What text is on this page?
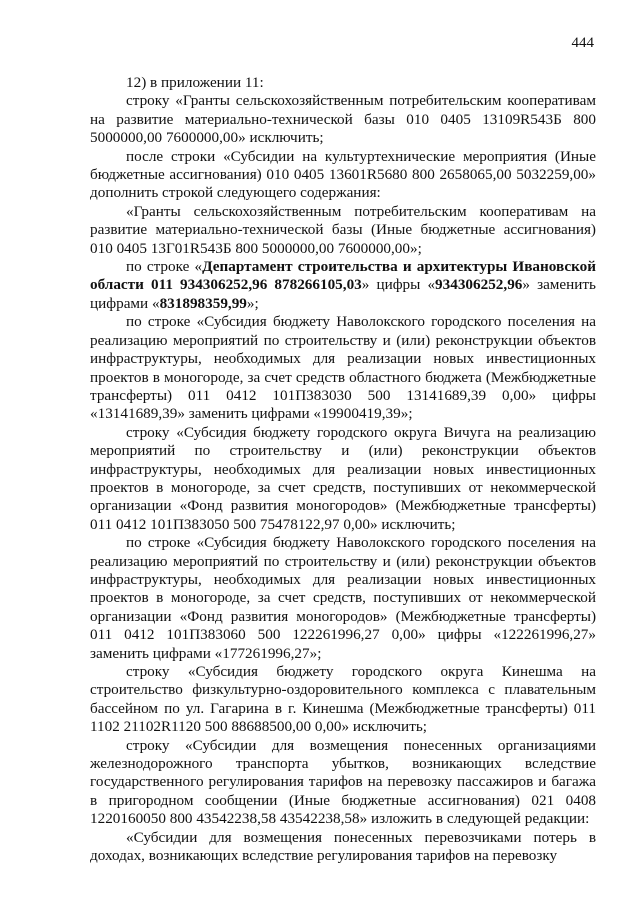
444

12) в приложении 11:

строку «Гранты сельскохозяйственным потребительским кооперативам на развитие материально-технической базы 010 0405 13109R543Б 800 5000000,00 7600000,00» исключить;

после строки «Субсидии на культуртехнические мероприятия (Иные бюджетные ассигнования) 010 0405 13601R5680 800 2658065,00 5032259,00» дополнить строкой следующего содержания:

«Гранты сельскохозяйственным потребительским кооперативам на развитие материально-технической базы (Иные бюджетные ассигнования) 010 0405 13Г01R543Б 800 5000000,00 7600000,00»;

по строке «Департамент строительства и архитектуры Ивановской области 011 934306252,96 878266105,03» цифры «934306252,96» заменить цифрами «831898359,99»;

по строке «Субсидия бюджету Наволокского городского поселения на реализацию мероприятий по строительству и (или) реконструкции объектов инфраструктуры, необходимых для реализации новых инвестиционных проектов в моногороде, за счет средств областного бюджета (Межбюджетные трансферты) 011 0412 101П383030 500 13141689,39 0,00» цифры «13141689,39» заменить цифрами «19900419,39»;

строку «Субсидия бюджету городского округа Вичуга на реализацию мероприятий по строительству и (или) реконструкции объектов инфраструктуры, необходимых для реализации новых инвестиционных проектов в моногороде, за счет средств, поступивших от некоммерческой организации «Фонд развития моногородов» (Межбюджетные трансферты) 011 0412 101П383050 500 75478122,97 0,00» исключить;

по строке «Субсидия бюджету Наволокского городского поселения на реализацию мероприятий по строительству и (или) реконструкции объектов инфраструктуры, необходимых для реализации новых инвестиционных проектов в моногороде, за счет средств, поступивших от некоммерческой организации «Фонд развития моногородов» (Межбюджетные трансферты) 011 0412 101П383060 500 122261996,27 0,00» цифры «122261996,27» заменить цифрами «177261996,27»;

строку «Субсидия бюджету городского округа Кинешма на строительство физкультурно-оздоровительного комплекса с плавательным бассейном по ул. Гагарина в г. Кинешма (Межбюджетные трансферты) 011 1102 21102R1120 500 88688500,00 0,00» исключить;

строку «Субсидии для возмещения понесенных организациями железнодорожного транспорта убытков, возникающих вследствие государственного регулирования тарифов на перевозку пассажиров и багажа в пригородном сообщении (Иные бюджетные ассигнования) 021 0408 1220160050 800 43542238,58 43542238,58» изложить в следующей редакции:

«Субсидии для возмещения понесенных перевозчиками потерь в доходах, возникающих вследствие регулирования тарифов на перевозку
